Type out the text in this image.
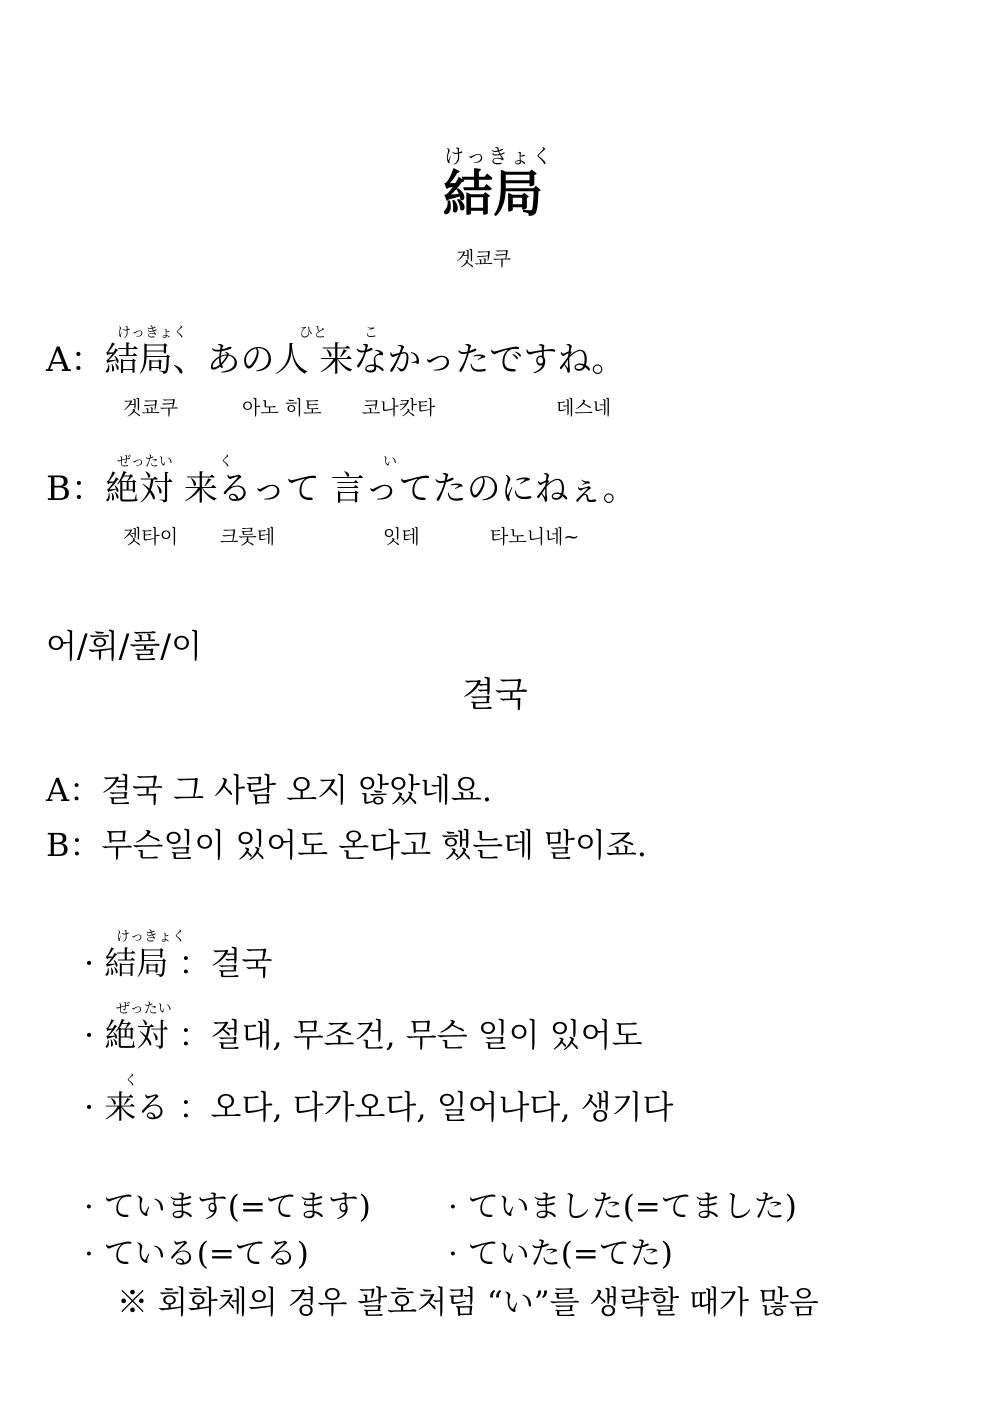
けっきょく
結局
겟쿄쿠
けっきょく	ひと	こ
A：結局、あの人 来なかったですね。
겟쿄쿠	아노 히토 코나캇타	데스네
ぜったい	く	い
B：絶対 来るって 言ってたのにねぇ。
젯타이 크룻테	잇테	타노니네~
어/휘/풀/이
결국
A：결국 그 사람 오지 않았네요.
B：무슨일이 있어도 온다고 했는데 말이죠.
けっきょく
· 結局 ：결국
ぜったい
· 絶対 ：절대, 무조건, 무슨 일이 있어도
く
· 来る ：오다, 다가오다, 일어나다, 생기다
· ています(=てます) · ていました(=てました)
· ている(=てる)	· ていた(=てた)
※ 회화체의 경우 괄호처럼 “い”를 생략할 때가 많음
